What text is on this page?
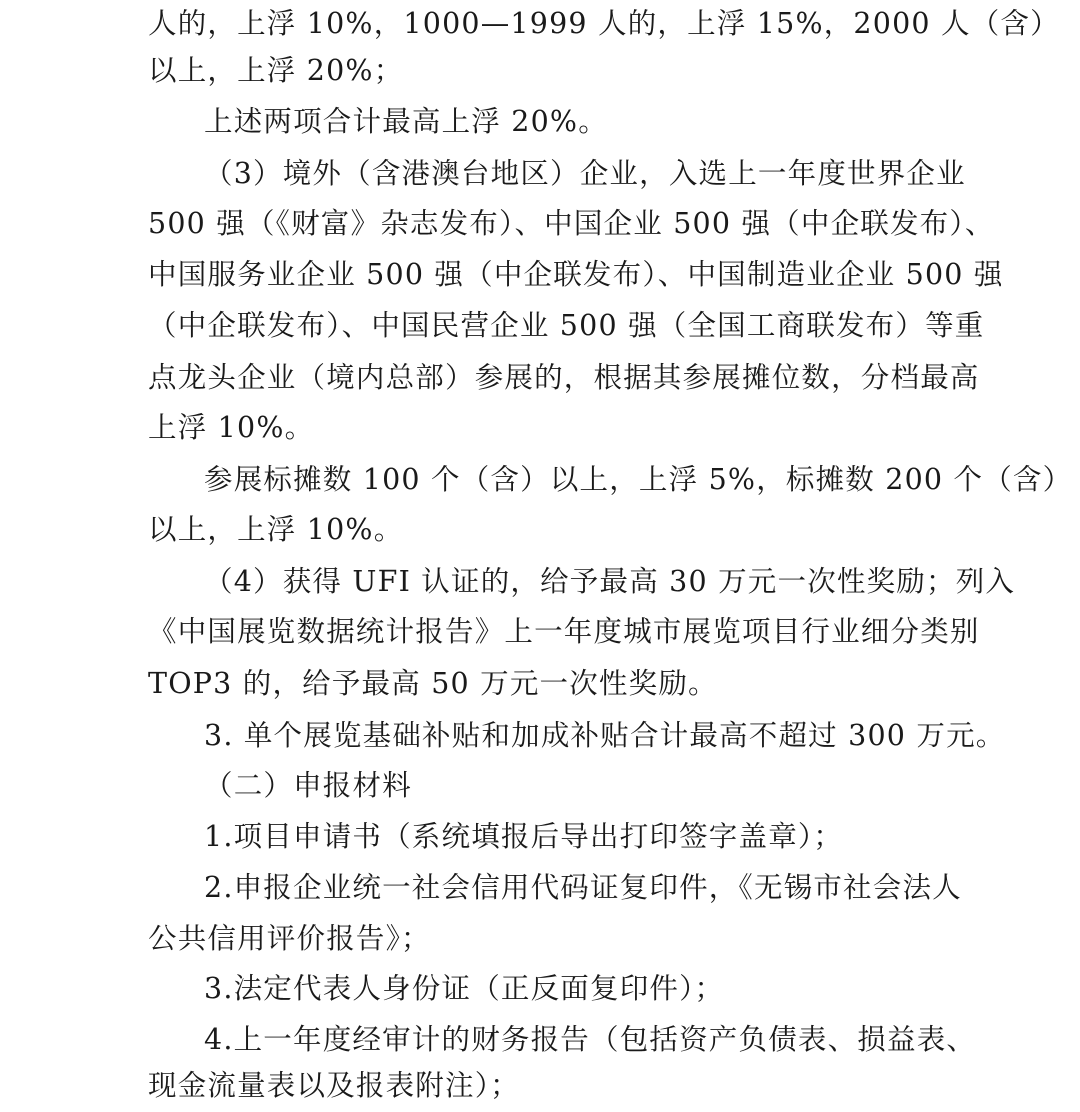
人的，上浮 10%，1000—1999 人的，上浮 15%，2000 人（含）
以上，上浮 20%；
上述两项合计最高上浮 20%。
（3）境外（含港澳台地区）企业，入选上一年度世界企业
500 强（《财富》杂志发布）、中国企业 500 强（中企联发布）、
中国服务业企业 500 强（中企联发布）、中国制造业企业 500 强
（中企联发布）、中国民营企业 500 强（全国工商联发布）等重
点龙头企业（境内总部）参展的，根据其参展摊位数，分档最高
上浮 10%。
参展标摊数 100 个（含）以上，上浮 5%，标摊数 200 个（含）
以上，上浮 10%。
（4）获得 UFI 认证的，给予最高 30 万元一次性奖励；列入
《中国展览数据统计报告》上一年度城市展览项目行业细分类别
TOP3 的，给予最高 50 万元一次性奖励。
3. 单个展览基础补贴和加成补贴合计最高不超过 300 万元。
（二）申报材料
1.项目申请书（系统填报后导出打印签字盖章）；
2.申报企业统一社会信用代码证复印件，《无锡市社会法人
公共信用评价报告》；
3.法定代表人身份证（正反面复印件）；
4.上一年度经审计的财务报告（包括资产负债表、损益表、
现金流量表以及报表附注）；
